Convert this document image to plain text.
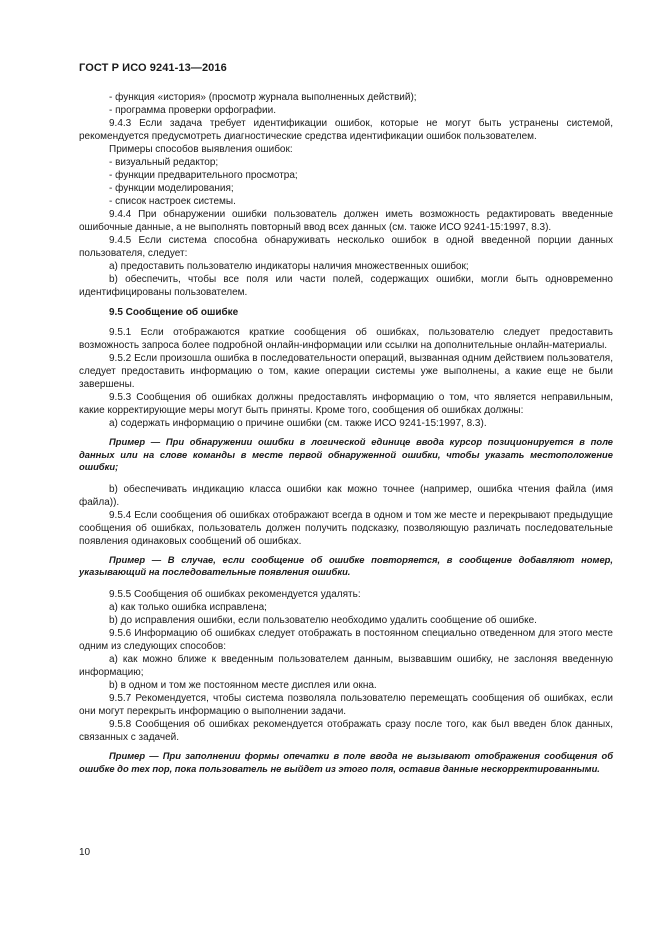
ГОСТ Р ИСО 9241-13—2016

- функция «история» (просмотр журнала выполненных действий);

- программа проверки орфографии.

9.4.3 Если задача требует идентификации ошибок, которые не могут быть устранены системой, рекомендуется предусмотреть диагностические средства идентификации ошибок пользователем.

Примеры способов выявления ошибок:

- визуальный редактор;

- функции предварительного просмотра;

- функции моделирования;

- список настроек системы.

9.4.4 При обнаружении ошибки пользователь должен иметь возможность редактировать введенные ошибочные данные, а не выполнять повторный ввод всех данных (см. также ИСО 9241-15:1997, 8.3).

9.4.5 Если система способна обнаруживать несколько ошибок в одной введенной порции данных пользователя, следует:

a) предоставить пользователю индикаторы наличия множественных ошибок;

b) обеспечить, чтобы все поля или части полей, содержащих ошибки, могли быть одновременно идентифицированы пользователем.

9.5 Сообщение об ошибке

9.5.1 Если отображаются краткие сообщения об ошибках, пользователю следует предоставить возможность запроса более подробной онлайн-информации или ссылки на дополнительные онлайн-материалы.

9.5.2 Если произошла ошибка в последовательности операций, вызванная одним действием пользователя, следует предоставить информацию о том, какие операции системы уже выполнены, а какие еще не были завершены.

9.5.3 Сообщения об ошибках должны предоставлять информацию о том, что является неправильным, какие корректирующие меры могут быть приняты. Кроме того, сообщения об ошибках должны:

a) содержать информацию о причине ошибки (см. также ИСО 9241-15:1997, 8.3).

Пример — При обнаружении ошибки в логической единице ввода курсор позиционируется в поле данных или на слове команды в месте первой обнаруженной ошибки, чтобы указать местоположение ошибки;

b) обеспечивать индикацию класса ошибки как можно точнее (например, ошибка чтения файла (имя файла)).

9.5.4 Если сообщения об ошибках отображают всегда в одном и том же месте и перекрывают предыдущие сообщения об ошибках, пользователь должен получить подсказку, позволяющую различать последовательные появления одинаковых сообщений об ошибках.

Пример — В случае, если сообщение об ошибке повторяется, в сообщение добавляют номер, указывающий на последовательные появления ошибки.

9.5.5 Сообщения об ошибках рекомендуется удалять:

a) как только ошибка исправлена;

b) до исправления ошибки, если пользователю необходимо удалить сообщение об ошибке.

9.5.6 Информацию об ошибках следует отображать в постоянном специально отведенном для этого месте одним из следующих способов:

a) как можно ближе к введенным пользователем данным, вызвавшим ошибку, не заслоняя введенную информацию;

b) в одном и том же постоянном месте дисплея или окна.

9.5.7 Рекомендуется, чтобы система позволяла пользователю перемещать сообщения об ошибках, если они могут перекрыть информацию о выполнении задачи.

9.5.8 Сообщения об ошибках рекомендуется отображать сразу после того, как был введен блок данных, связанных с задачей.

Пример — При заполнении формы опечатки в поле ввода не вызывают отображения сообщения об ошибке до тех пор, пока пользователь не выйдет из этого поля, оставив данные нескорректированными.
10
